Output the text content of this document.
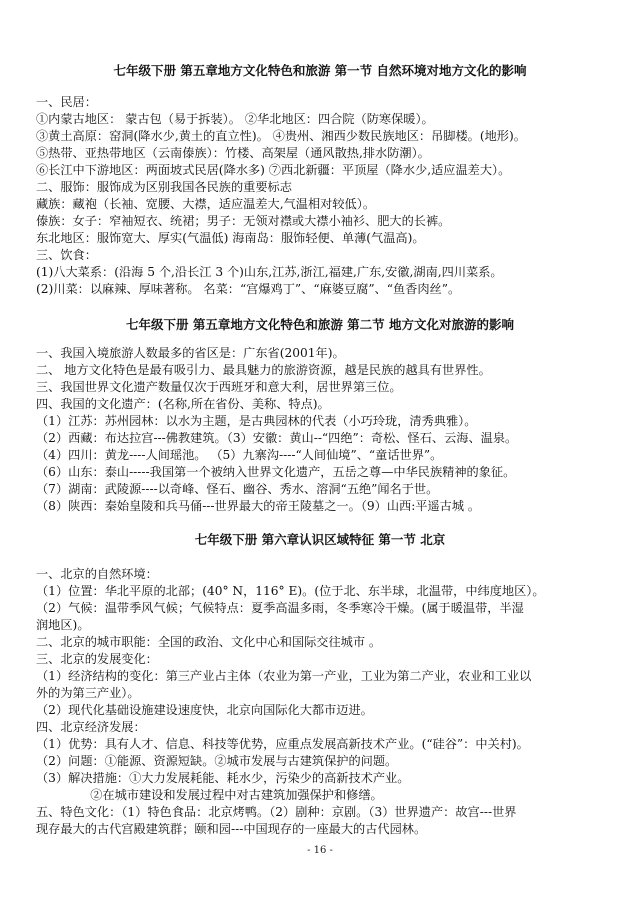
七年级下册 第五章地方文化特色和旅游 第一节 自然环境对地方文化的影响
一、民居：
①内蒙古地区： 蒙古包（易于拆装）。 ②华北地区：四合院（防寒保暖）。
③黄土高原：窑洞(降水少,黄土的直立性)。 ④贵州、湘西少数民族地区：吊脚楼。(地形)。
⑤热带、亚热带地区（云南傣族）：竹楼、高架屋（通风散热,排水防潮）。
⑥长江中下游地区：两面坡式民居(降水多) ⑦西北新疆：平顶屋（降水少,适应温差大）。
二、服饰：服饰成为区别我国各民族的重要标志
藏族：藏袍（长袖、宽腰、大襟，适应温差大,气温相对较低）。
傣族：女子：窄袖短衣、统裙；男子：无领对襟或大襟小袖衫、肥大的长裤。
东北地区：服饰宽大、厚实(气温低) 海南岛：服饰轻便、单薄(气温高)。
三、饮食：
(1)八大菜系：(沿海 5 个,沿长江 3 个)山东,江苏,浙江,福建,广东,安徽,湖南,四川菜系。
(2)川菜：以麻辣、厚味著称。 名菜：“宫爆鸡丁”、“麻婆豆腐”、“鱼香肉丝”。
七年级下册 第五章地方文化特色和旅游 第二节 地方文化对旅游的影响
一、我国入境旅游人数最多的省区是：广东省(2001年)。
二、 地方文化特色是最有吸引力、最具魅力的旅游资源，越是民族的越具有世界性。
三、我国世界文化遗产数量仅次于西班牙和意大利，居世界第三位。
四、我国的文化遗产：(名称,所在省份、美称、特点)。
（1）江苏：苏州园林：以水为主题，是古典园林的代表（小巧玲珑，清秀典雅）。
（2）西藏：布达拉宫---佛教建筑。（3）安徽：黄山--“四绝”：奇松、怪石、云海、温泉。
（4）四川：黄龙----人间瑶池。 （5）九寨沟----“人间仙境”、“童话世界”。
（6）山东：泰山-----我国第一个被纳入世界文化遗产，五岳之尊—中华民族精神的象征。
（7）湖南：武陵源----以奇峰、怪石、幽谷、秀水、溶洞“五绝”闻名于世。
（8）陕西：秦始皇陵和兵马俑---世界最大的帝王陵墓之一。（9）山西:平遥古城 。
七年级下册 第六章认识区域特征 第一节 北京
一、北京的自然环境：
（1）位置：华北平原的北部；(40° N，116° E)。(位于北、东半球，北温带，中纬度地区）。
（2）气候：温带季风气候；气候特点：夏季高温多雨，冬季寒冷干燥。(属于暖温带，半湿
润地区)。
二、北京的城市职能：全国的政治、文化中心和国际交往城市 。
三、北京的发展变化：
（1）经济结构的变化：第三产业占主体（农业为第一产业，工业为第二产业，农业和工业以
外的为第三产业）。
（2）现代化基础设施建设速度快，北京向国际化大都市迈进。
四、北京经济发展：
（1）优势：具有人才、信息、科技等优势，应重点发展高新技术产业。(“硅谷”：中关村)。
（2）问题：①能源、资源短缺。②城市发展与古建筑保护的问题。
（3）解决措施：①大力发展耗能、耗水少，污染少的高新技术产业。
②在城市建设和发展过程中对古建筑加强保护和修缮。
五、特色文化：（1）特色食品：北京烤鸭。（2）剧种：京剧。（3）世界遗产：故宫---世界
现存最大的古代宫殿建筑群；颐和园---中国现存的一座最大的古代园林。
- 16 -
